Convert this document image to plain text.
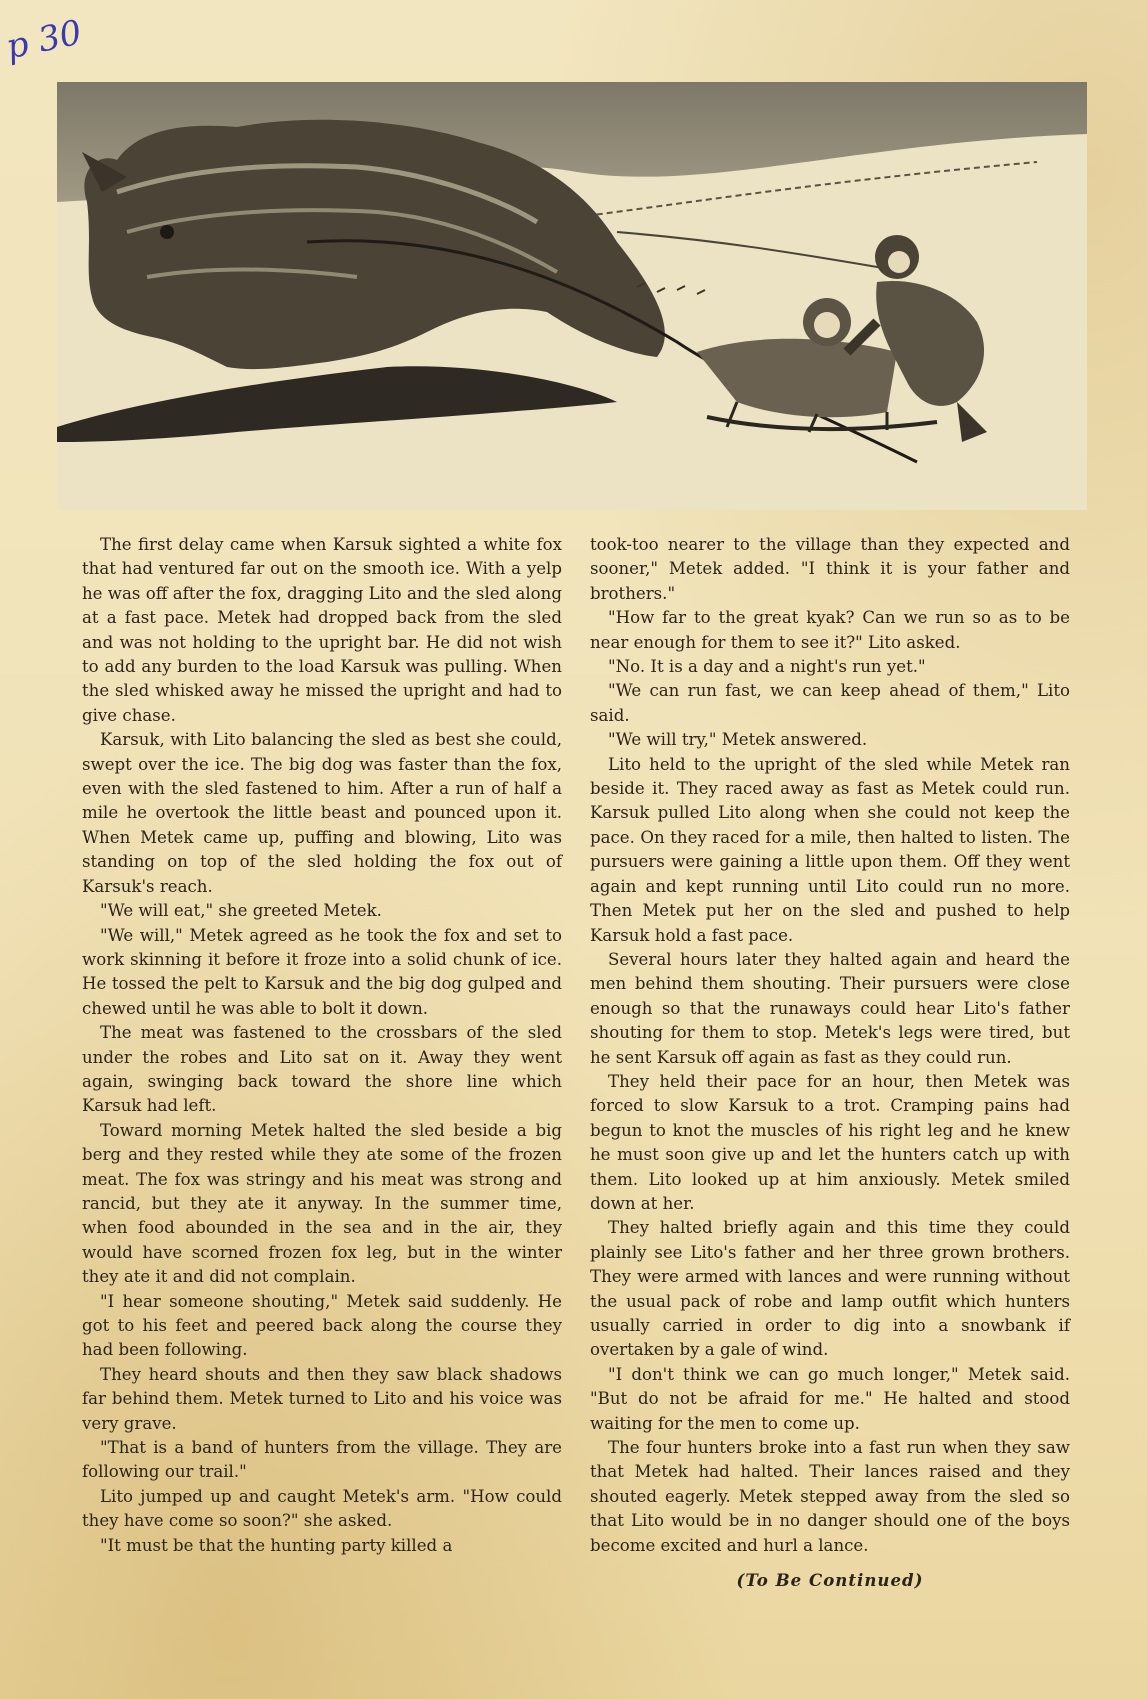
p 30

The first delay came when Karsuk sighted a white fox that had ventured far out on the smooth ice. With a yelp he was off after the fox, dragging Lito and the sled along at a fast pace. Metek had dropped back from the sled and was not holding to the upright bar. He did not wish to add any burden to the load Karsuk was pulling. When the sled whisked away he missed the upright and had to give chase.

Karsuk, with Lito balancing the sled as best she could, swept over the ice. The big dog was faster than the fox, even with the sled fastened to him. After a run of half a mile he overtook the little beast and pounced upon it. When Metek came up, puffing and blowing, Lito was standing on top of the sled holding the fox out of Karsuk's reach.

"We will eat," she greeted Metek.

"We will," Metek agreed as he took the fox and set to work skinning it before it froze into a solid chunk of ice. He tossed the pelt to Karsuk and the big dog gulped and chewed until he was able to bolt it down.

The meat was fastened to the crossbars of the sled under the robes and Lito sat on it. Away they went again, swinging back toward the shore line which Karsuk had left.

Toward morning Metek halted the sled beside a big berg and they rested while they ate some of the frozen meat. The fox was stringy and his meat was strong and rancid, but they ate it anyway. In the summer time, when food abounded in the sea and in the air, they would have scorned frozen fox leg, but in the winter they ate it and did not complain.

"I hear someone shouting," Metek said suddenly. He got to his feet and peered back along the course they had been following.

They heard shouts and then they saw black shadows far behind them. Metek turned to Lito and his voice was very grave.

"That is a band of hunters from the village. They are following our trail."

Lito jumped up and caught Metek's arm. "How could they have come so soon?" she asked.

"It must be that the hunting party killed a

took-too nearer to the village than they expected and sooner," Metek added. "I think it is your father and brothers."

"How far to the great kyak? Can we run so as to be near enough for them to see it?" Lito asked.

"No. It is a day and a night's run yet."

"We can run fast, we can keep ahead of them," Lito said.

"We will try," Metek answered.

Lito held to the upright of the sled while Metek ran beside it. They raced away as fast as Metek could run. Karsuk pulled Lito along when she could not keep the pace. On they raced for a mile, then halted to listen. The pursuers were gaining a little upon them. Off they went again and kept running until Lito could run no more. Then Metek put her on the sled and pushed to help Karsuk hold a fast pace.

Several hours later they halted again and heard the men behind them shouting. Their pursuers were close enough so that the runaways could hear Lito's father shouting for them to stop. Metek's legs were tired, but he sent Karsuk off again as fast as they could run.

They held their pace for an hour, then Metek was forced to slow Karsuk to a trot. Cramping pains had begun to knot the muscles of his right leg and he knew he must soon give up and let the hunters catch up with them. Lito looked up at him anxiously. Metek smiled down at her.

They halted briefly again and this time they could plainly see Lito's father and her three grown brothers. They were armed with lances and were running without the usual pack of robe and lamp outfit which hunters usually carried in order to dig into a snowbank if overtaken by a gale of wind.

"I don't think we can go much longer," Metek said. "But do not be afraid for me." He halted and stood waiting for the men to come up.

The four hunters broke into a fast run when they saw that Metek had halted. Their lances raised and they shouted eagerly. Metek stepped away from the sled so that Lito would be in no danger should one of the boys become excited and hurl a lance.

(To Be Continued)
